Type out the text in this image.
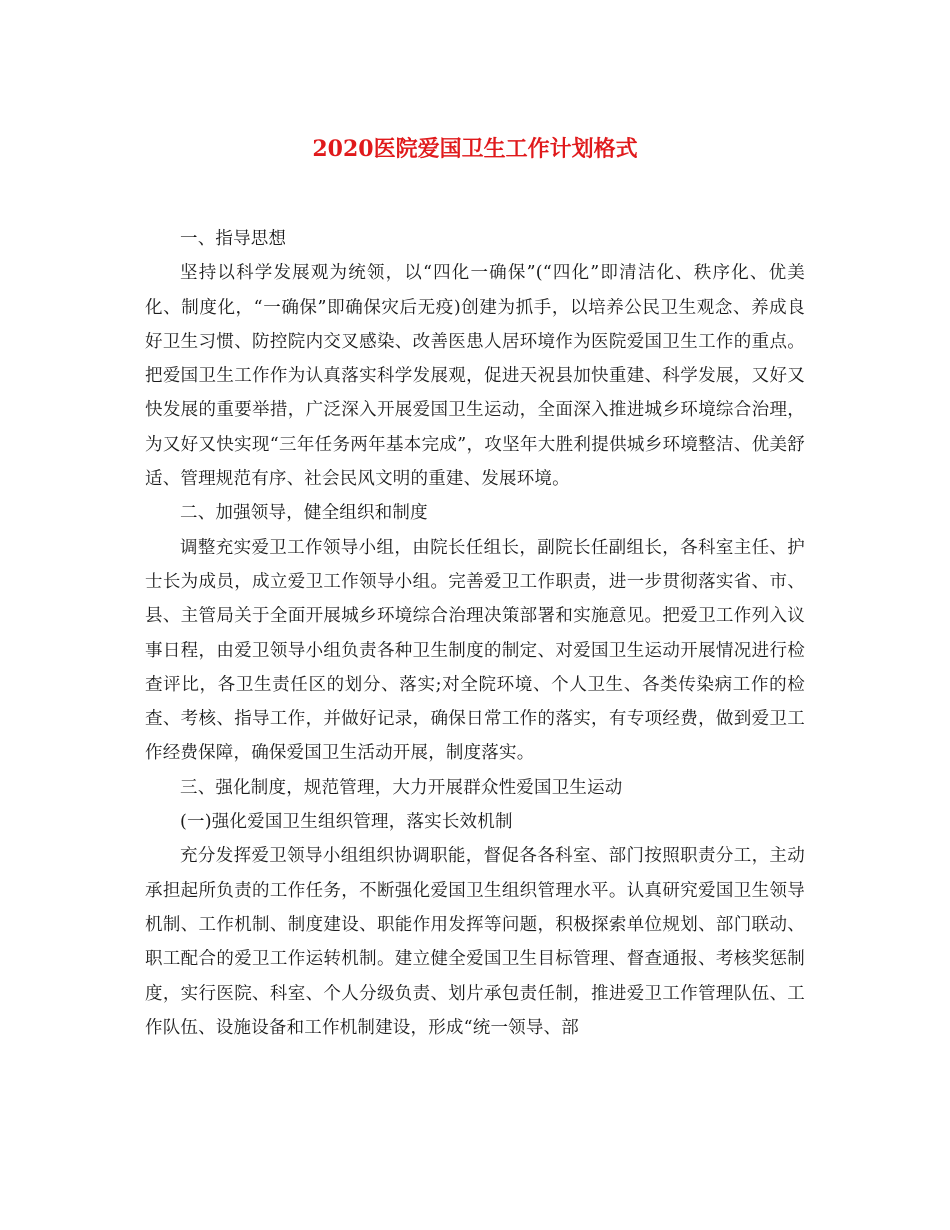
2020医院爱国卫生工作计划格式

一、指导思想

坚持以科学发展观为统领，以“四化一确保”(“四化”即清洁化、秩序化、优美化、制度化，“一确保”即确保灾后无疫)创建为抓手，以培养公民卫生观念、养成良好卫生习惯、防控院内交叉感染、改善医患人居环境作为医院爱国卫生工作的重点。把爱国卫生工作作为认真落实科学发展观，促进天祝县加快重建、科学发展，又好又快发展的重要举措，广泛深入开展爱国卫生运动，全面深入推进城乡环境综合治理，为又好又快实现“三年任务两年基本完成”，攻坚年大胜利提供城乡环境整洁、优美舒适、管理规范有序、社会民风文明的重建、发展环境。

二、加强领导，健全组织和制度

调整充实爱卫工作领导小组，由院长任组长，副院长任副组长，各科室主任、护士长为成员，成立爱卫工作领导小组。完善爱卫工作职责，进一步贯彻落实省、市、县、主管局关于全面开展城乡环境综合治理决策部署和实施意见。把爱卫工作列入议事日程，由爱卫领导小组负责各种卫生制度的制定、对爱国卫生运动开展情况进行检查评比，各卫生责任区的划分、落实;对全院环境、个人卫生、各类传染病工作的检查、考核、指导工作，并做好记录，确保日常工作的落实，有专项经费，做到爱卫工作经费保障，确保爱国卫生活动开展，制度落实。

三、强化制度，规范管理，大力开展群众性爱国卫生运动

(一)强化爱国卫生组织管理，落实长效机制

充分发挥爱卫领导小组组织协调职能，督促各各科室、部门按照职责分工，主动承担起所负责的工作任务，不断强化爱国卫生组织管理水平。认真研究爱国卫生领导机制、工作机制、制度建设、职能作用发挥等问题，积极探索单位规划、部门联动、职工配合的爱卫工作运转机制。建立健全爱国卫生目标管理、督查通报、考核奖惩制度，实行医院、科室、个人分级负责、划片承包责任制，推进爱卫工作管理队伍、工作队伍、设施设备和工作机制建设，形成“统一领导、部
